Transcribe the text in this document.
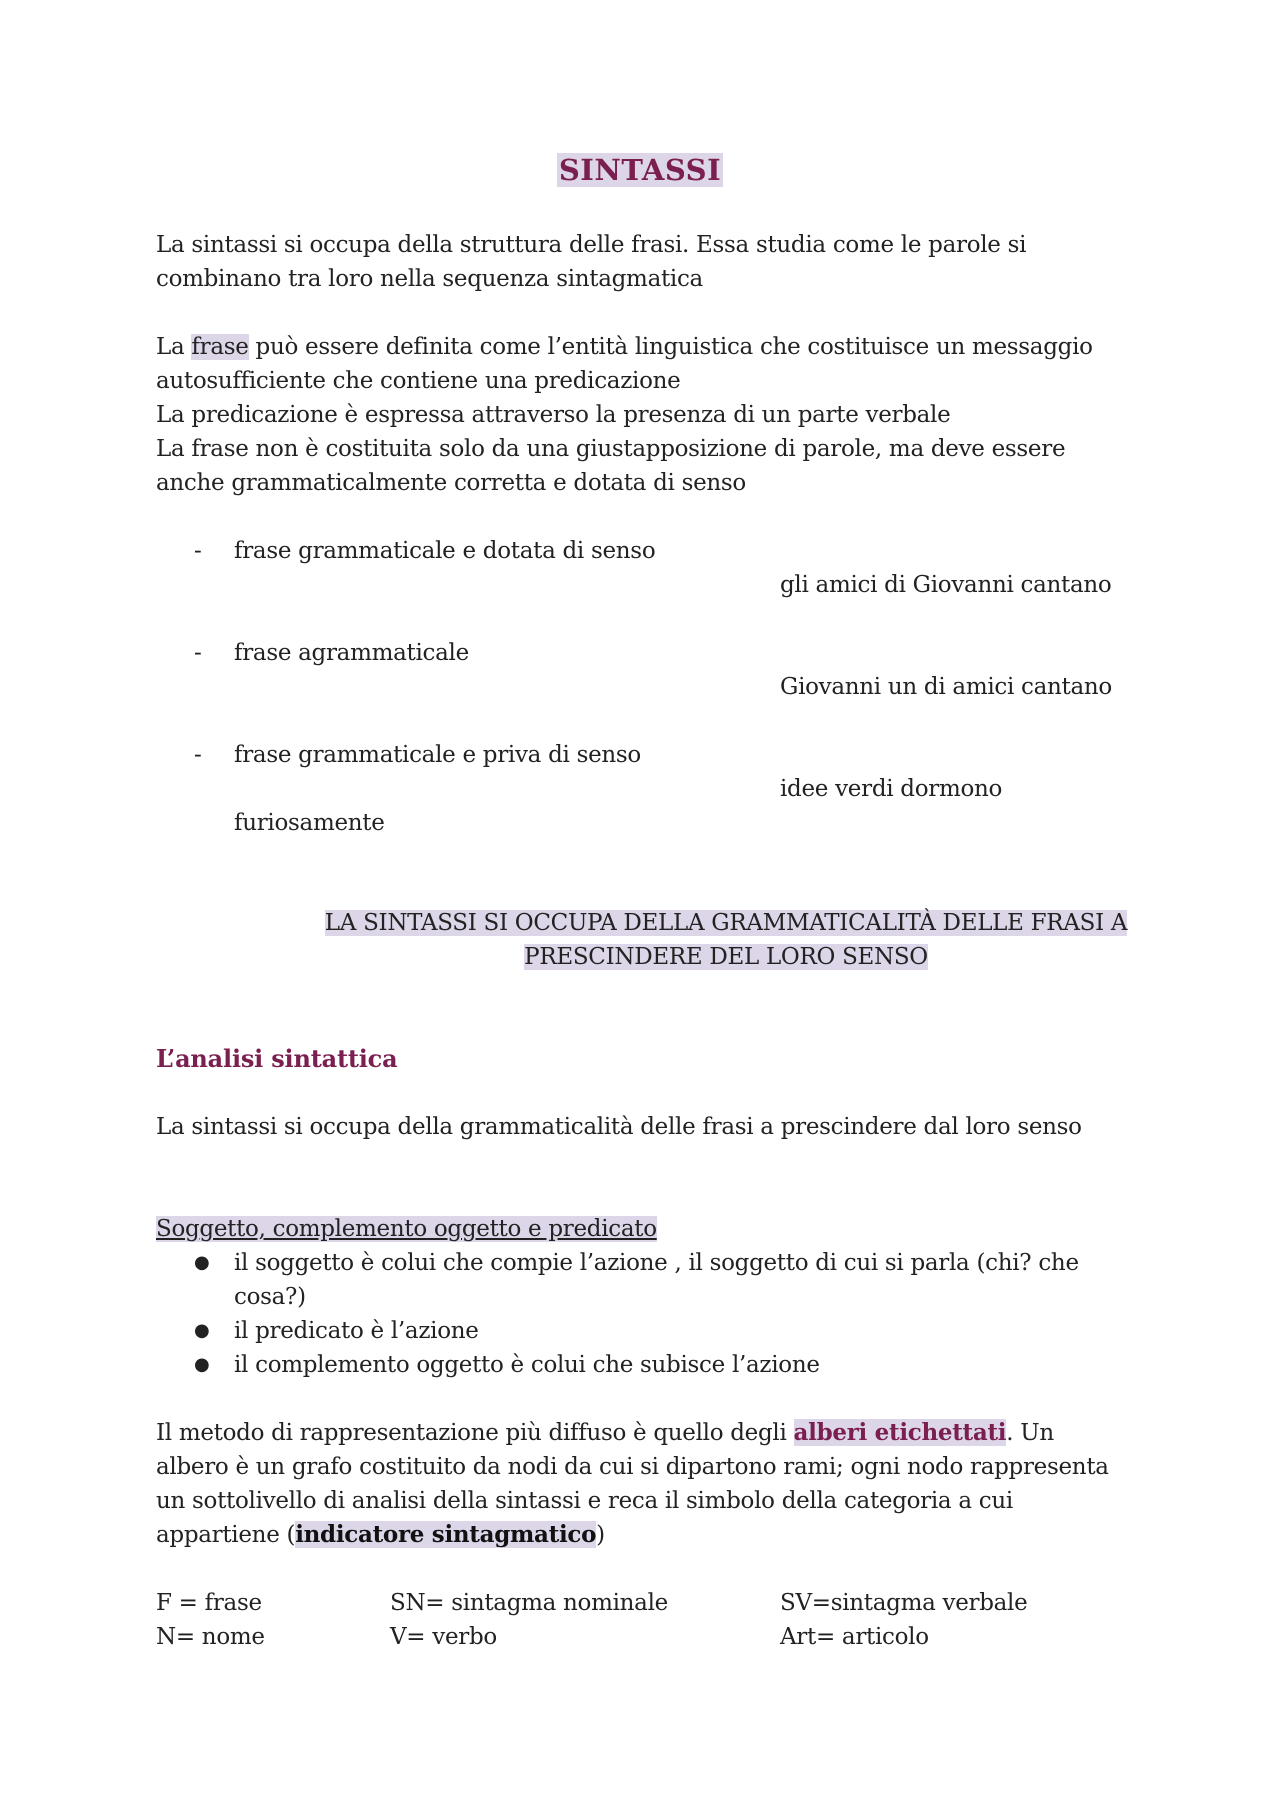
SINTASSI
La sintassi si occupa della struttura delle frasi. Essa studia come le parole si
combinano tra loro nella sequenza sintagmatica
La frase può essere definita come l’entità linguistica che costituisce un messaggio
autosufficiente che contiene una predicazione
La predicazione è espressa attraverso la presenza di un parte verbale
La frase non è costituita solo da una giustapposizione di parole, ma deve essere
anche grammaticalmente corretta e dotata di senso
- frase grammaticale e dotata di senso
gli amici di Giovanni cantano
- frase agrammaticale
Giovanni un di amici cantano
- frase grammaticale e priva di senso
idee verdi dormono
furiosamente
LA SINTASSI SI OCCUPA DELLA GRAMMATICALITÀ DELLE FRASI A
PRESCINDERE DEL LORO SENSO
L’analisi sintattica
La sintassi si occupa della grammaticalità delle frasi a prescindere dal loro senso
Soggetto, complemento oggetto e predicato
● il soggetto è colui che compie l’azione , il soggetto di cui si parla (chi? che
cosa?)
● il predicato è l’azione
● il complemento oggetto è colui che subisce l’azione
Il metodo di rappresentazione più diffuso è quello degli alberi etichettati. Un
albero è un grafo costituito da nodi da cui si dipartono rami; ogni nodo rappresenta
un sottolivello di analisi della sintassi e reca il simbolo della categoria a cui
appartiene (indicatore sintagmatico)
F = frase	SN= sintagma nominale	SV=sintagma verbale
N= nome	V= verbo	Art= articolo
